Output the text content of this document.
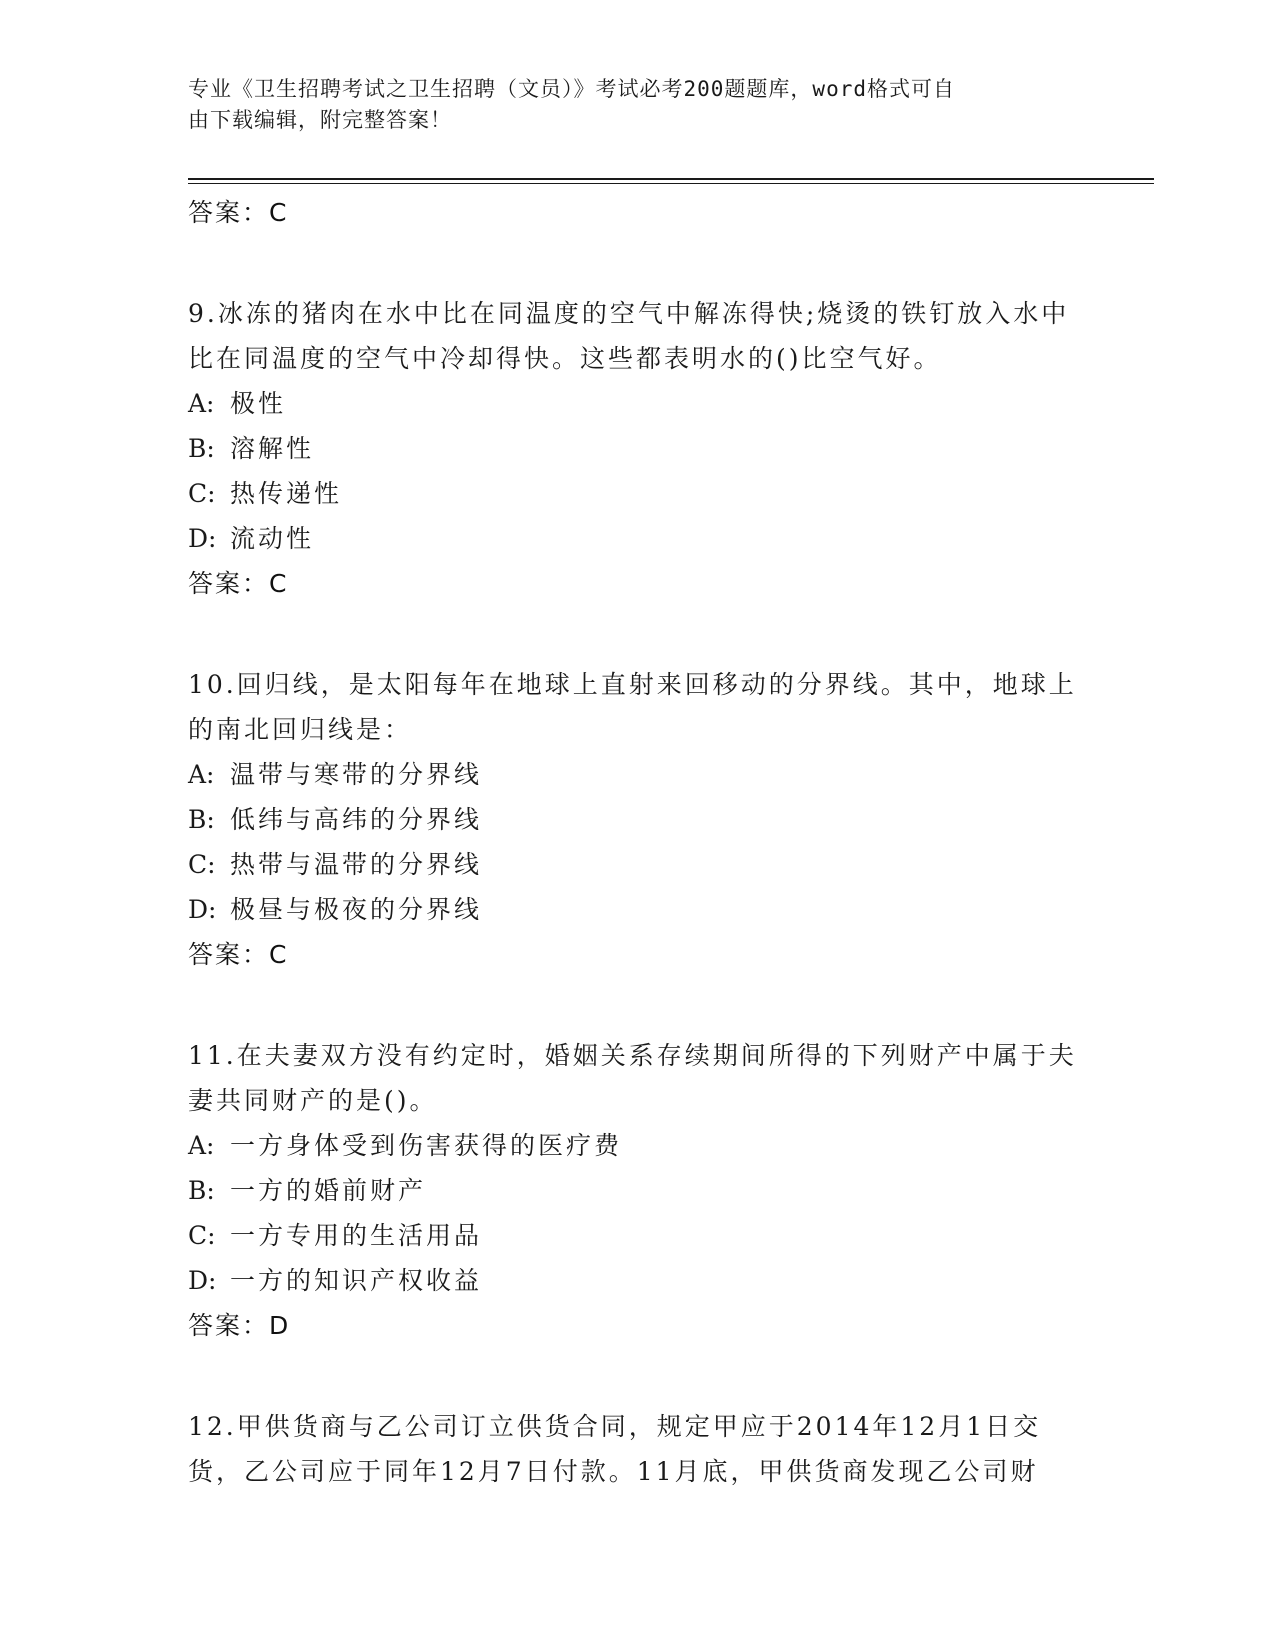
专业《卫生招聘考试之卫生招聘（文员）》考试必考200题题库，word格式可自
由下载编辑，附完整答案！
答案：C
9.冰冻的猪肉在水中比在同温度的空气中解冻得快;烧烫的铁钉放入水中比在同温度的空气中冷却得快。这些都表明水的()比空气好。
A: 极性
B: 溶解性
C: 热传递性
D: 流动性
答案：C
10.回归线，是太阳每年在地球上直射来回移动的分界线。其中，地球上的南北回归线是：
A: 温带与寒带的分界线
B: 低纬与高纬的分界线
C: 热带与温带的分界线
D: 极昼与极夜的分界线
答案：C
11.在夫妻双方没有约定时，婚姻关系存续期间所得的下列财产中属于夫妻共同财产的是()。
A: 一方身体受到伤害获得的医疗费
B: 一方的婚前财产
C: 一方专用的生活用品
D: 一方的知识产权收益
答案：D
12.甲供货商与乙公司订立供货合同，规定甲应于2014年12月1日交货，乙公司应于同年12月7日付款。11月底，甲供货商发现乙公司财
